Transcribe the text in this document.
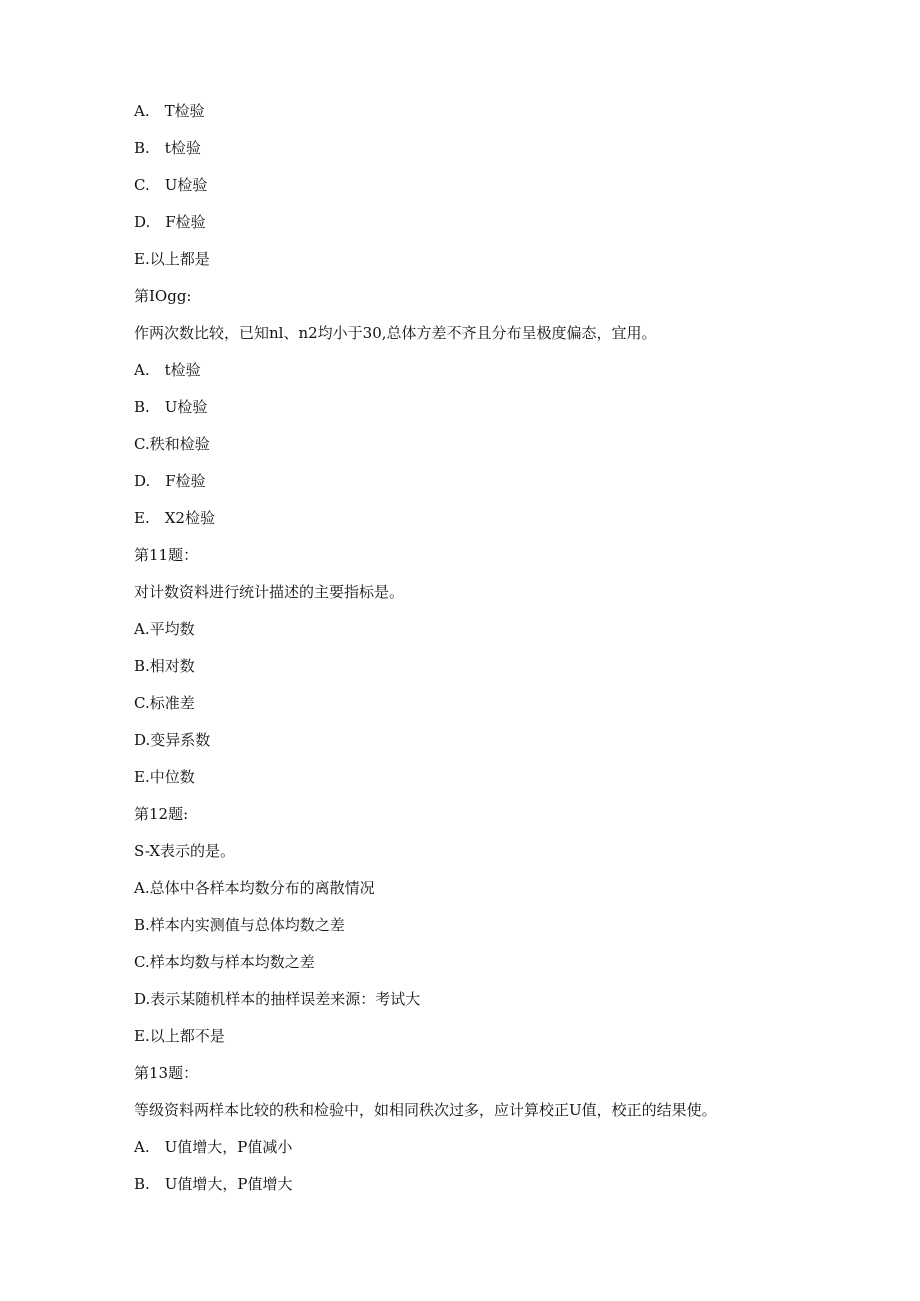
A.　T检验
B.　t检验
C.　U检验
D.　F检验
E.以上都是
第IOgg:
作两次数比较，已知nl、n2均小于30,总体方差不齐且分布呈极度偏态，宜用。
A.　t检验
B.　U检验
C.秩和检验
D.　F检验
E.　X2检验
第11题：
对计数资料进行统计描述的主要指标是。
A.平均数
B.相对数
C.标准差
D.变异系数
E.中位数
第12题:
S-X表示的是。
A.总体中各样本均数分布的离散情况
B.样本内实测值与总体均数之差
C.样本均数与样本均数之差
D.表示某随机样本的抽样误差来源：考试大
E.以上都不是
第13题：
等级资料两样本比较的秩和检验中，如相同秩次过多，应计算校正U值，校正的结果使。
A.　U值增大，P值减小
B.　U值增大，P值增大
